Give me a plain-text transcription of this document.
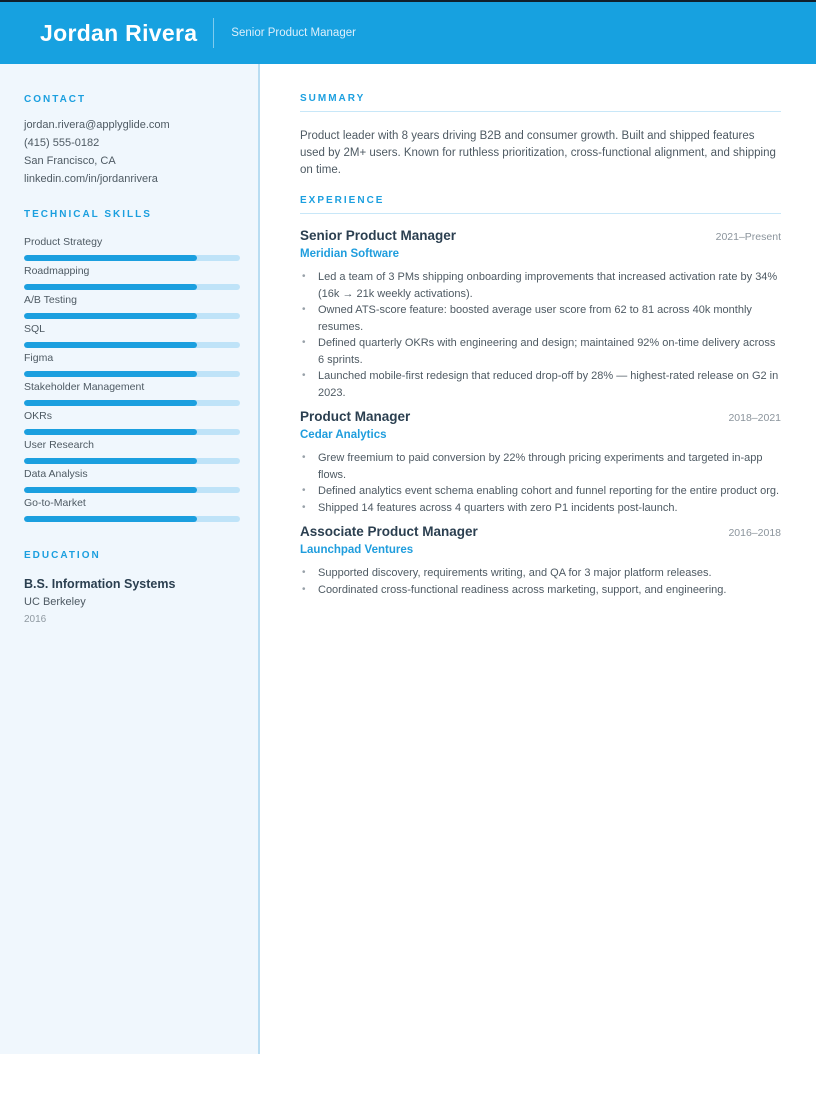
Jordan Rivera	Senior Product Manager
CONTACT
jordan.rivera@applyglide.com
(415) 555-0182
San Francisco, CA
linkedin.com/in/jordanrivera
TECHNICAL SKILLS
Product Strategy
Roadmapping
A/B Testing
SQL
Figma
Stakeholder Management
OKRs
User Research
Data Analysis
Go-to-Market
EDUCATION
B.S. Information Systems
UC Berkeley
2016
SUMMARY

Product leader with 8 years driving B2B and consumer growth. Built and shipped features used by 2M+ users. Known for ruthless prioritization, cross-functional alignment, and shipping on time.

EXPERIENCE
Senior Product Manager	2021–Present
Meridian Software
•	Led a team of 3 PMs shipping onboarding improvements that increased activation rate by 34% (16k → 21k weekly activations).
•	Owned ATS-score feature: boosted average user score from 62 to 81 across 40k monthly resumes.
•	Defined quarterly OKRs with engineering and design; maintained 92% on-time delivery across 6 sprints.
•	Launched mobile-first redesign that reduced drop-off by 28% — highest-rated release on G2 in 2023.
Product Manager	2018–2021
Cedar Analytics
•	Grew freemium to paid conversion by 22% through pricing experiments and targeted in-app flows.
•	Defined analytics event schema enabling cohort and funnel reporting for the entire product org.
•	Shipped 14 features across 4 quarters with zero P1 incidents post-launch.
Associate Product Manager	2016–2018
Launchpad Ventures
•	Supported discovery, requirements writing, and QA for 3 major platform releases.
•	Coordinated cross-functional readiness across marketing, support, and engineering.
